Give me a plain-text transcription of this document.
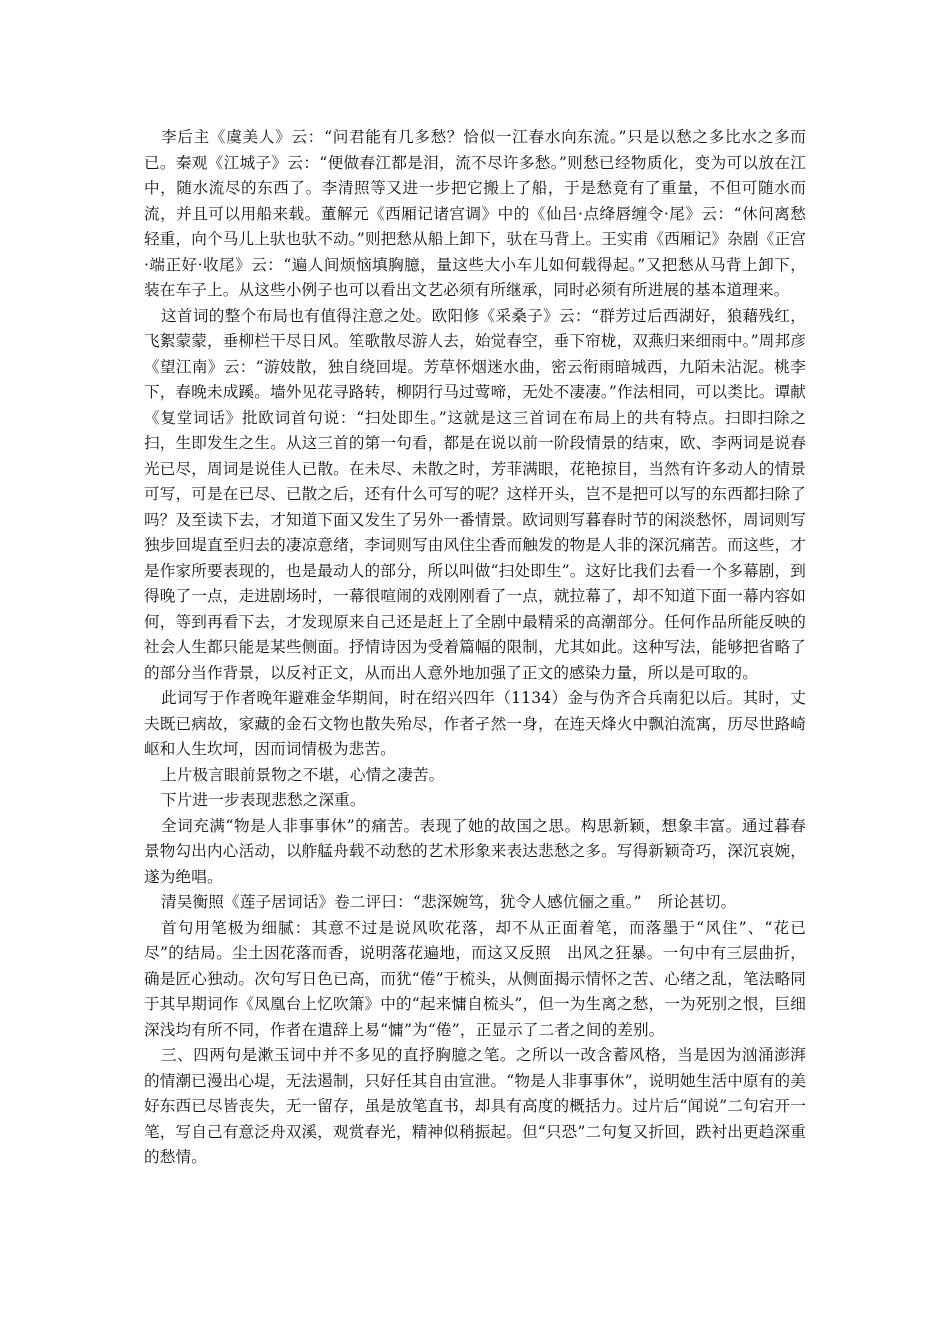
李后主《虞美人》云：“问君能有几多愁？恰似一江春水向东流。”只是以愁之多比水之多而已。秦观《江城子》云：“便做春江都是泪，流不尽许多愁。”则愁已经物质化，变为可以放在江中，随水流尽的东西了。李清照等又进一步把它搬上了船，于是愁竟有了重量，不但可随水而流，并且可以用船来载。董解元《西厢记诸宫调》中的《仙吕·点绛唇缠令·尾》云：“休问离愁轻重，向个马儿上驮也驮不动。”则把愁从船上卸下，驮在马背上。王实甫《西厢记》杂剧《正宫·端正好·收尾》云：“遍人间烦恼填胸臆，量这些大小车儿如何载得起。”又把愁从马背上卸下，装在车子上。从这些小例子也可以看出文艺必须有所继承，同时必须有所进展的基本道理来。

这首词的整个布局也有值得注意之处。欧阳修《采桑子》云：“群芳过后西湖好，狼藉残红，飞絮蒙蒙，垂柳栏干尽日风。笙歌散尽游人去，始觉春空，垂下帘栊，双燕归来细雨中。”周邦彦《望江南》云：“游妓散，独自绕回堤。芳草怀烟迷水曲，密云衔雨暗城西，九陌未沾泥。桃李下，春晚未成蹊。墙外见花寻路转，柳阴行马过莺啼，无处不凄凄。”作法相同，可以类比。谭献《复堂词话》批欧词首句说：“扫处即生。”这就是这三首词在布局上的共有特点。扫即扫除之扫，生即发生之生。从这三首的第一句看，都是在说以前一阶段情景的结束，欧、李两词是说春光已尽，周词是说佳人已散。在未尽、未散之时，芳菲满眼，花艳掠目，当然有许多动人的情景可写，可是在已尽、已散之后，还有什么可写的呢？这样开头，岂不是把可以写的东西都扫除了吗？及至读下去，才知道下面又发生了另外一番情景。欧词则写暮春时节的闲淡愁怀，周词则写独步回堤直至归去的凄凉意绪，李词则写由风住尘香而触发的物是人非的深沉痛苦。而这些，才是作家所要表现的，也是最动人的部分，所以叫做“扫处即生”。这好比我们去看一个多幕剧，到得晚了一点，走进剧场时，一幕很喧闹的戏刚刚看了一点，就拉幕了，却不知道下面一幕内容如何，等到再看下去，才发现原来自己还是赶上了全剧中最精采的高潮部分。任何作品所能反映的社会人生都只能是某些侧面。抒情诗因为受着篇幅的限制，尤其如此。这种写法，能够把省略了的部分当作背景，以反衬正文，从而出人意外地加强了正文的感染力量，所以是可取的。

此词写于作者晚年避难金华期间，时在绍兴四年（1134）金与伪齐合兵南犯以后。其时，丈夫既已病故，家藏的金石文物也散失殆尽，作者孑然一身，在连天烽火中飘泊流寓，历尽世路崎岖和人生坎坷，因而词情极为悲苦。

上片极言眼前景物之不堪，心情之凄苦。

下片进一步表现悲愁之深重。

全词充满“物是人非事事休”的痛苦。表现了她的故国之思。构思新颖，想象丰富。通过暮春景物勾出内心活动，以舴艋舟载不动愁的艺术形象来表达悲愁之多。写得新颖奇巧，深沉哀婉，遂为绝唱。

清吴衡照《莲子居词话》卷二评曰：“悲深婉笃，犹令人感伉俪之重。”　所论甚切。

首句用笔极为细腻：其意不过是说风吹花落，却不从正面着笔，而落墨于“风住”、“花已尽”的结局。尘土因花落而香，说明落花遍地，而这又反照　出风之狂暴。一句中有三层曲折，确是匠心独动。次句写日色已高，而犹“倦”于梳头，从侧面揭示情怀之苦、心绪之乱，笔法略同于其早期词作《凤凰台上忆吹箫》中的“起来慵自梳头”，但一为生离之愁，一为死别之恨，巨细深浅均有所不同，作者在遣辞上易“慵”为“倦”，正显示了二者之间的差别。

三、四两句是漱玉词中并不多见的直抒胸臆之笔。之所以一改含蓄风格，当是因为汹涌澎湃的情潮已漫出心堤，无法遏制，只好任其自由宣泄。“物是人非事事休”，说明她生活中原有的美好东西已尽皆丧失，无一留存，虽是放笔直书，却具有高度的概括力。过片后“闻说”二句宕开一笔，写自己有意泛舟双溪，观赏春光，精神似稍振起。但“只恐”二句复又折回，跌衬出更趋深重的愁情。
